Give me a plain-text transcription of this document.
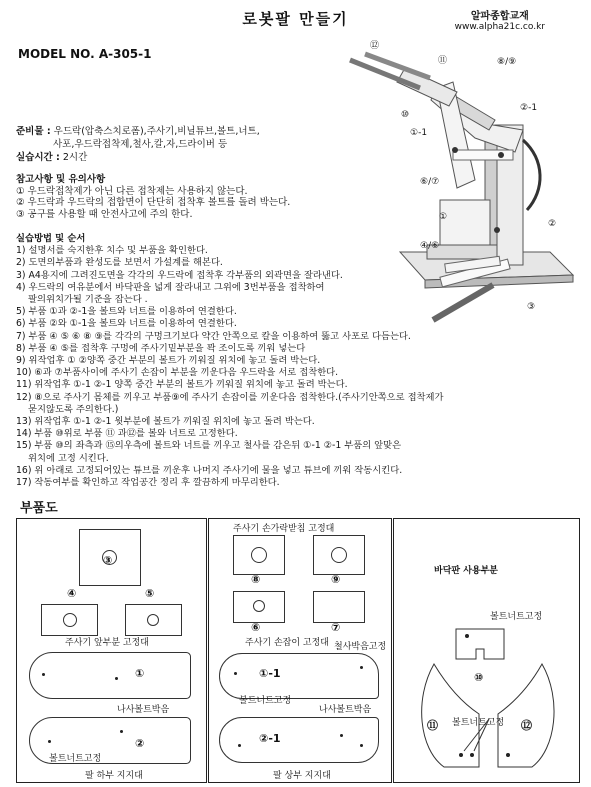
로봇팔 만들기	알파종합교재
www.alpha21c.co.kr
MODEL NO. A-305-1
준비물 : 우드락(압축스치로폼),주사기,비닐튜브,볼트,너트,
사포,우드락접착제,철사,칼,자,드라이버 등
실습시간 : 2시간
참고사항 및 유의사항
① 우드락접착제가 아닌 다른 접착제는 사용하지 않는다.
② 우드락과 우드락의 접합면이 단단히 접착후 볼트를 돌려 박는다.
③ 공구를 사용할 때 안전사고에 주의 한다.
실습방법 및 순서
1) 설명서를 숙지한후 치수 및 부품을 확인한다.
2) 도면의부품과 완성도를 보면서 가설계를 해본다.
3) A4용지에 그려진도면을 각각의 우드락에 접착후 각부품의 외곽면을 잘라낸다.
4) 우드락의 여유분에서 바닥판을 넓게 잘라내고 그위에 3번부품을 접착하여
팔의위치가될 기준을 잡는다 .
5) 부품 ①과 ②-1을 볼트와 너트를 이용하여 연결한다.
6) 부품 ②와 ①-1을 볼트와 너트를 이용하여 연결한다.
7) 부품 ④ ⑤ ⑥ ⑧ ⑨를 각각의 구멍크기보다 약간 안쪽으로 칼을 이용하여 뚫고 사포로 다듬는다.
8) 부품 ④ ⑤를 접착후 구멍에 주사기밑부분을 꽉 조이도록 끼워 넣는다
9) 위작업후 ① ②양쪽 중간 부분의 볼트가 끼워질 위치에 놓고 돌려 박는다.
10) ⑥과 ⑦부품사이에 주사기 손잡이 부분을 끼운다음 우드락을 서로 접착한다.
11) 위작업후 ①-1 ②-1 양쪽 중간 부분의 볼트가 끼워질 위치에 놓고 돌려 박는다.
12) ⑧으로 주사기 몸체를 끼우고 부품⑨에 주사기 손잡이를 끼운다음 접착한다.(주사기안쪽으로 접착제가
묻지않도록 주의한다.)
13) 위작업후 ①-1 ②-1 윗부분에 볼트가 끼워질 위치에 놓고 돌려 박는다.
14) 부품 ⑩위로 부품 ⑪ 과⑫를 볼와 너트로 고정한다.
15) 부품 ⑩의 좌측과 ⑮의우측에 볼트와 너트를 끼우고 철사를 감은뒤 ①-1 ②-1 부품의 앞맞은
위치에 고정 시킨다.
16) 위 아래로 고정되어있는 튜브를 끼운후 나머지 주사기에 물을 넣고 튜브에 끼워 작동시킨다.
17) 작동여부를 확인하고 작업공간 정리 후 깔끔하게 마무리한다.
⑫
⑪	⑧/⑨
⑩
②-1
①-1
⑥/⑦
①
④/⑥
②
③
부품도
④	⑤
③
주사기 앞부분 고정대
①
나사볼트박음
②
볼트너트고정
팔 하부 지지대
주사기 손가락받침 고정대
⑧	⑨
⑥	⑦
주사기 손잡이 고정대 철사박음고정
①-1
볼트너트고정
나사볼트박음
②-1
팔 상부 지지대
바닥판 사용부분
볼트너트고정
⑩
⑪	⑫
볼트너트고정
